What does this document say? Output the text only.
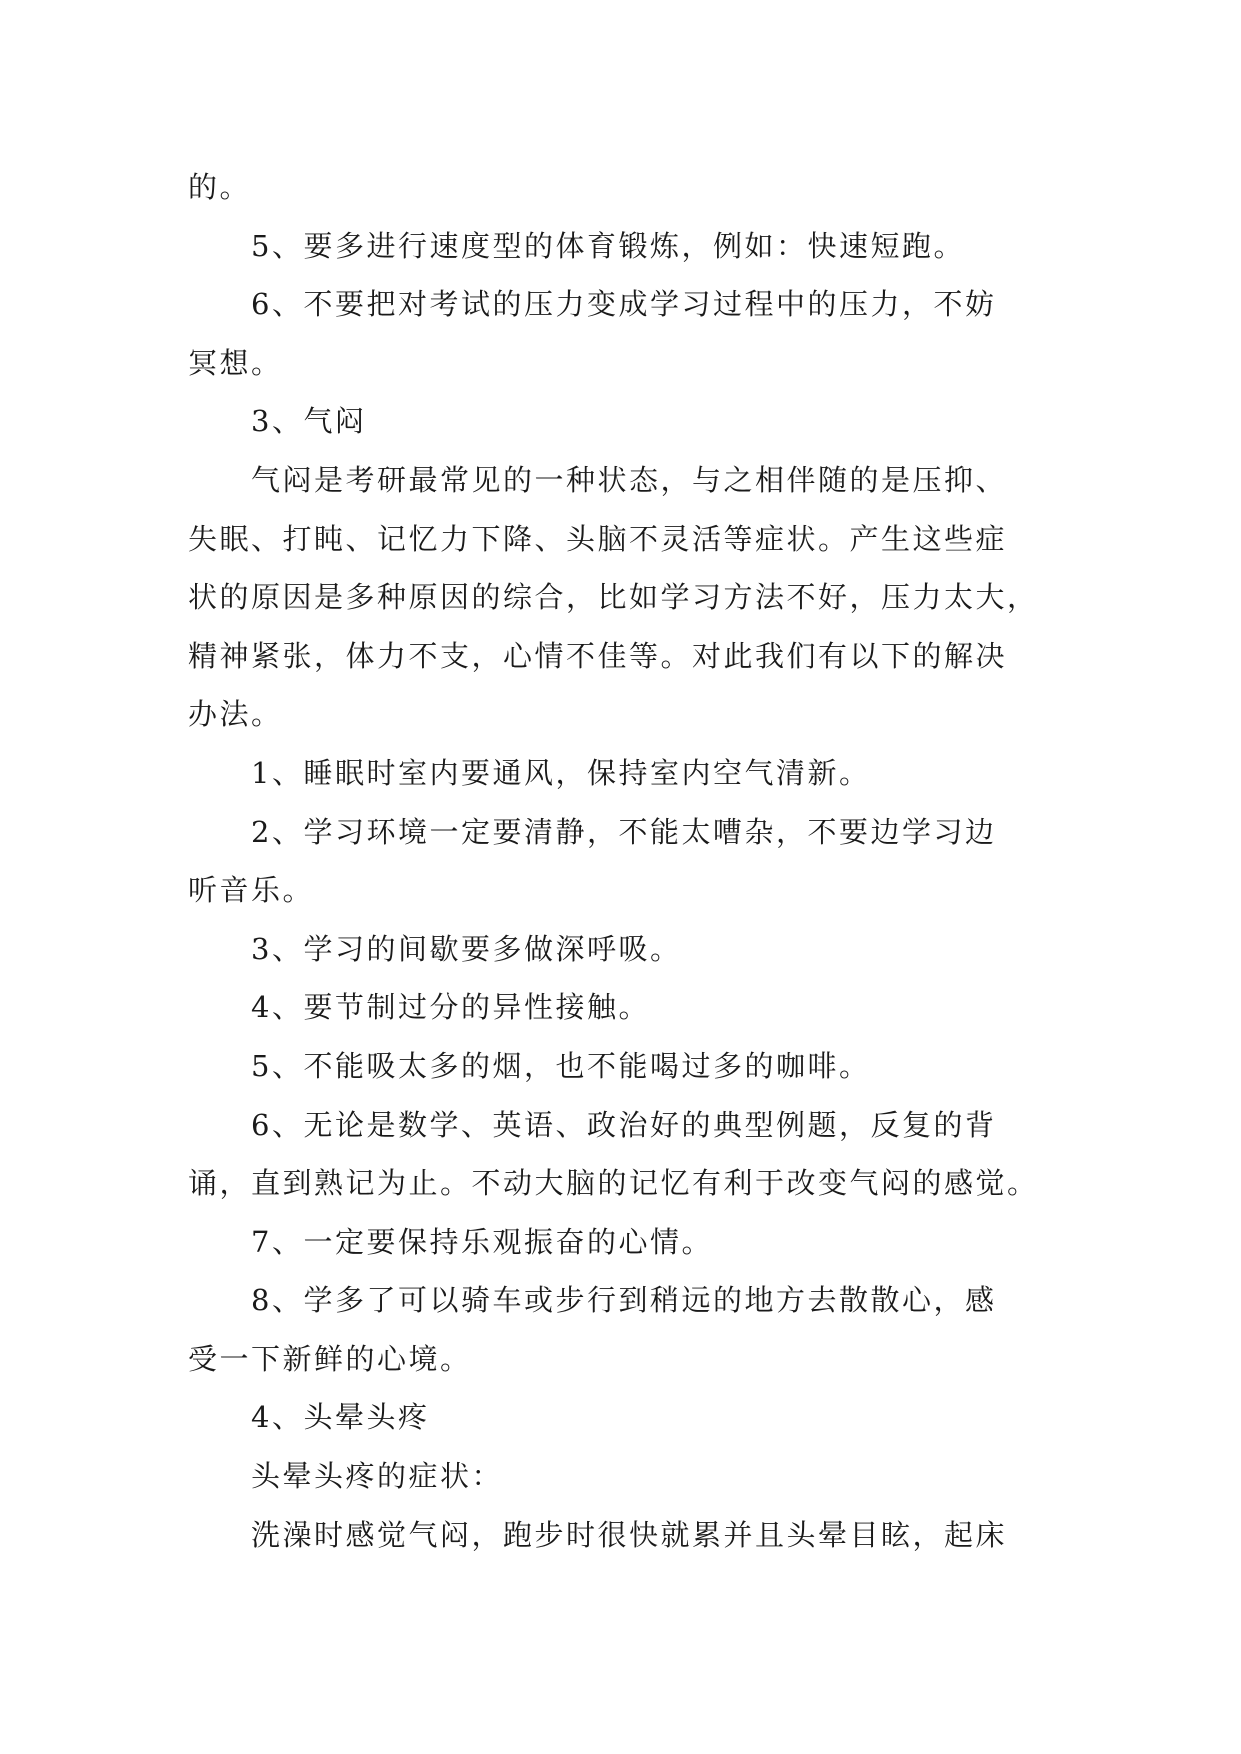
的。

5、要多进行速度型的体育锻炼，例如：快速短跑。

6、不要把对考试的压力变成学习过程中的压力，不妨

冥想。

3、气闷

气闷是考研最常见的一种状态，与之相伴随的是压抑、

失眠、打盹、记忆力下降、头脑不灵活等症状。产生这些症

状的原因是多种原因的综合，比如学习方法不好，压力太大，

精神紧张，体力不支，心情不佳等。对此我们有以下的解决

办法。

1、睡眠时室内要通风，保持室内空气清新。

2、学习环境一定要清静，不能太嘈杂，不要边学习边

听音乐。

3、学习的间歇要多做深呼吸。

4、要节制过分的异性接触。

5、不能吸太多的烟，也不能喝过多的咖啡。

6、无论是数学、英语、政治好的典型例题，反复的背

诵，直到熟记为止。不动大脑的记忆有利于改变气闷的感觉。

7、一定要保持乐观振奋的心情。

8、学多了可以骑车或步行到稍远的地方去散散心，感

受一下新鲜的心境。

4、头晕头疼

头晕头疼的症状：

洗澡时感觉气闷，跑步时很快就累并且头晕目眩，起床
